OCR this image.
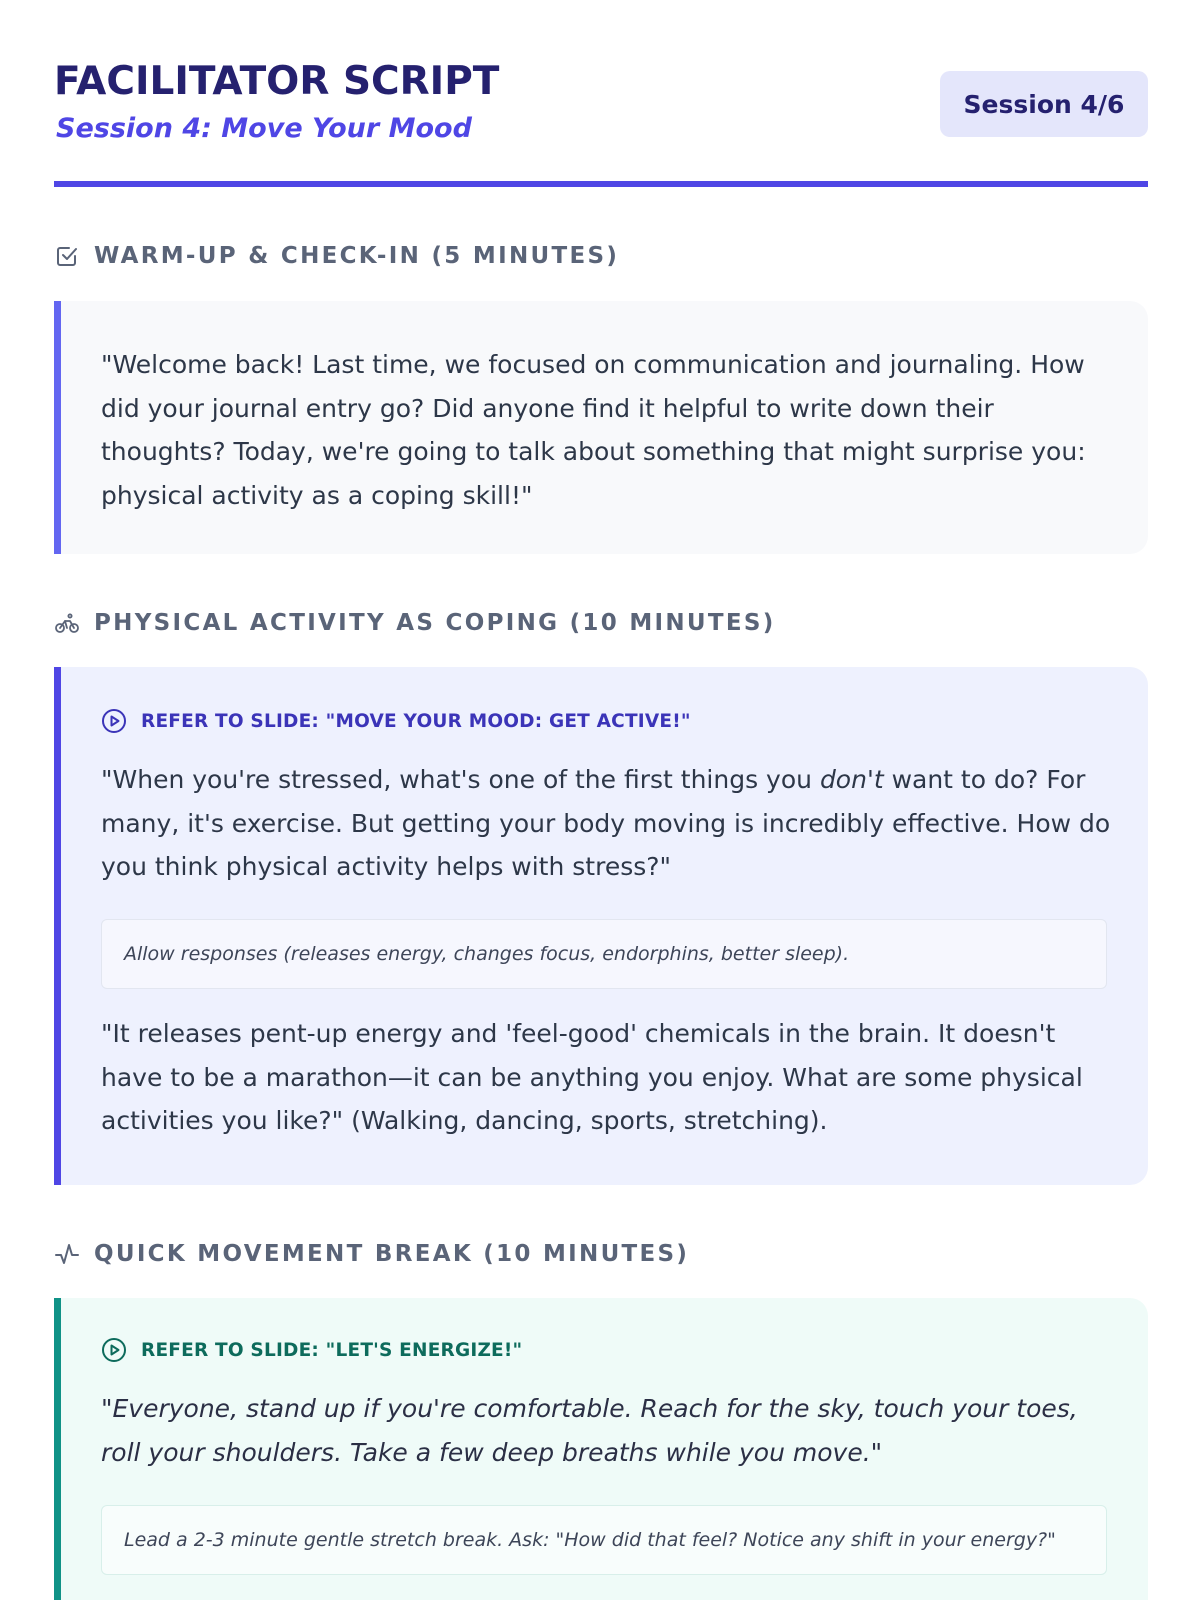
FACILITATOR SCRIPT
Session 4: Move Your Mood
Session 4/6
WARM-UP & CHECK-IN (5 MINUTES)
"Welcome back! Last time, we focused on communication and journaling. How did your journal entry go? Did anyone find it helpful to write down their thoughts? Today, we're going to talk about something that might surprise you: physical activity as a coping skill!"
PHYSICAL ACTIVITY AS COPING (10 MINUTES)
REFER TO SLIDE: "MOVE YOUR MOOD: GET ACTIVE!"
"When you're stressed, what's one of the first things you don't want to do? For many, it's exercise. But getting your body moving is incredibly effective. How do you think physical activity helps with stress?"
Allow responses (releases energy, changes focus, endorphins, better sleep).
"It releases pent-up energy and 'feel-good' chemicals in the brain. It doesn't have to be a marathon—it can be anything you enjoy. What are some physical activities you like?" (Walking, dancing, sports, stretching).
QUICK MOVEMENT BREAK (10 MINUTES)
REFER TO SLIDE: "LET'S ENERGIZE!"
"Everyone, stand up if you're comfortable. Reach for the sky, touch your toes, roll your shoulders. Take a few deep breaths while you move."
Lead a 2-3 minute gentle stretch break. Ask: "How did that feel? Notice any shift in your energy?"
